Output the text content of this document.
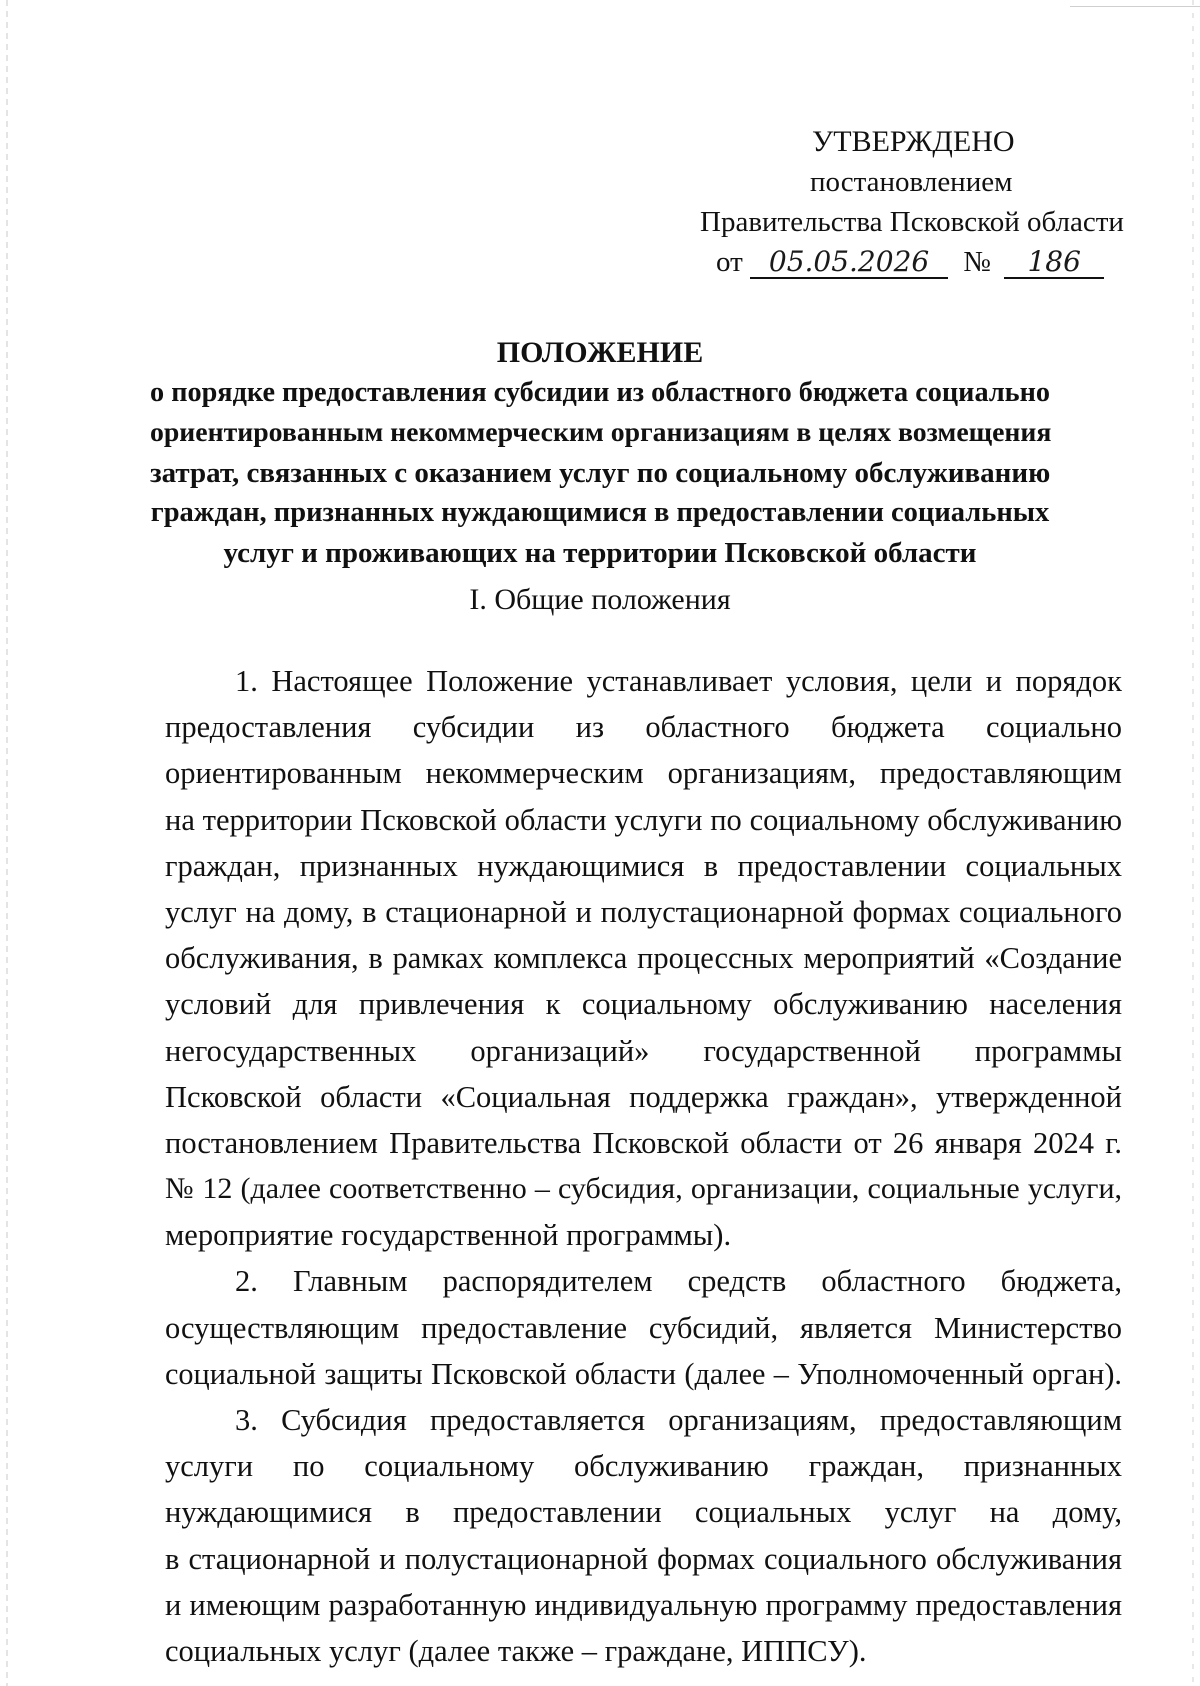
УТВЕРЖДЕНО
постановлением
Правительства Псковской области
от 05.05.2026 № 186
ПОЛОЖЕНИЕ
о порядке предоставления субсидии из областного бюджета социально
ориентированным некоммерческим организациям в целях возмещения
затрат, связанных с оказанием услуг по социальному обслуживанию
граждан, признанных нуждающимися в предоставлении социальных
услуг и проживающих на территории Псковской области
I. Общие положения
1. Настоящее Положение устанавливает условия, цели и порядок
предоставления субсидии из областного бюджета социально
ориентированным некоммерческим организациям, предоставляющим
на территории Псковской области услуги по социальному обслуживанию
граждан, признанных нуждающимися в предоставлении социальных
услуг на дому, в стационарной и полустационарной формах социального
обслуживания, в рамках комплекса процессных мероприятий «Создание
условий для привлечения к социальному обслуживанию населения
негосударственных организаций» государственной программы
Псковской области «Социальная поддержка граждан», утвержденной
постановлением Правительства Псковской области от 26 января 2024 г.
№ 12 (далее соответственно – субсидия, организации, социальные услуги,
мероприятие государственной программы).
2. Главным распорядителем средств областного бюджета,
осуществляющим предоставление субсидий, является Министерство
социальной защиты Псковской области (далее – Уполномоченный орган).
3. Субсидия предоставляется организациям, предоставляющим
услуги по социальному обслуживанию граждан, признанных
нуждающимися в предоставлении социальных услуг на дому,
в стационарной и полустационарной формах социального обслуживания
и имеющим разработанную индивидуальную программу предоставления
социальных услуг (далее также – граждане, ИППСУ).
